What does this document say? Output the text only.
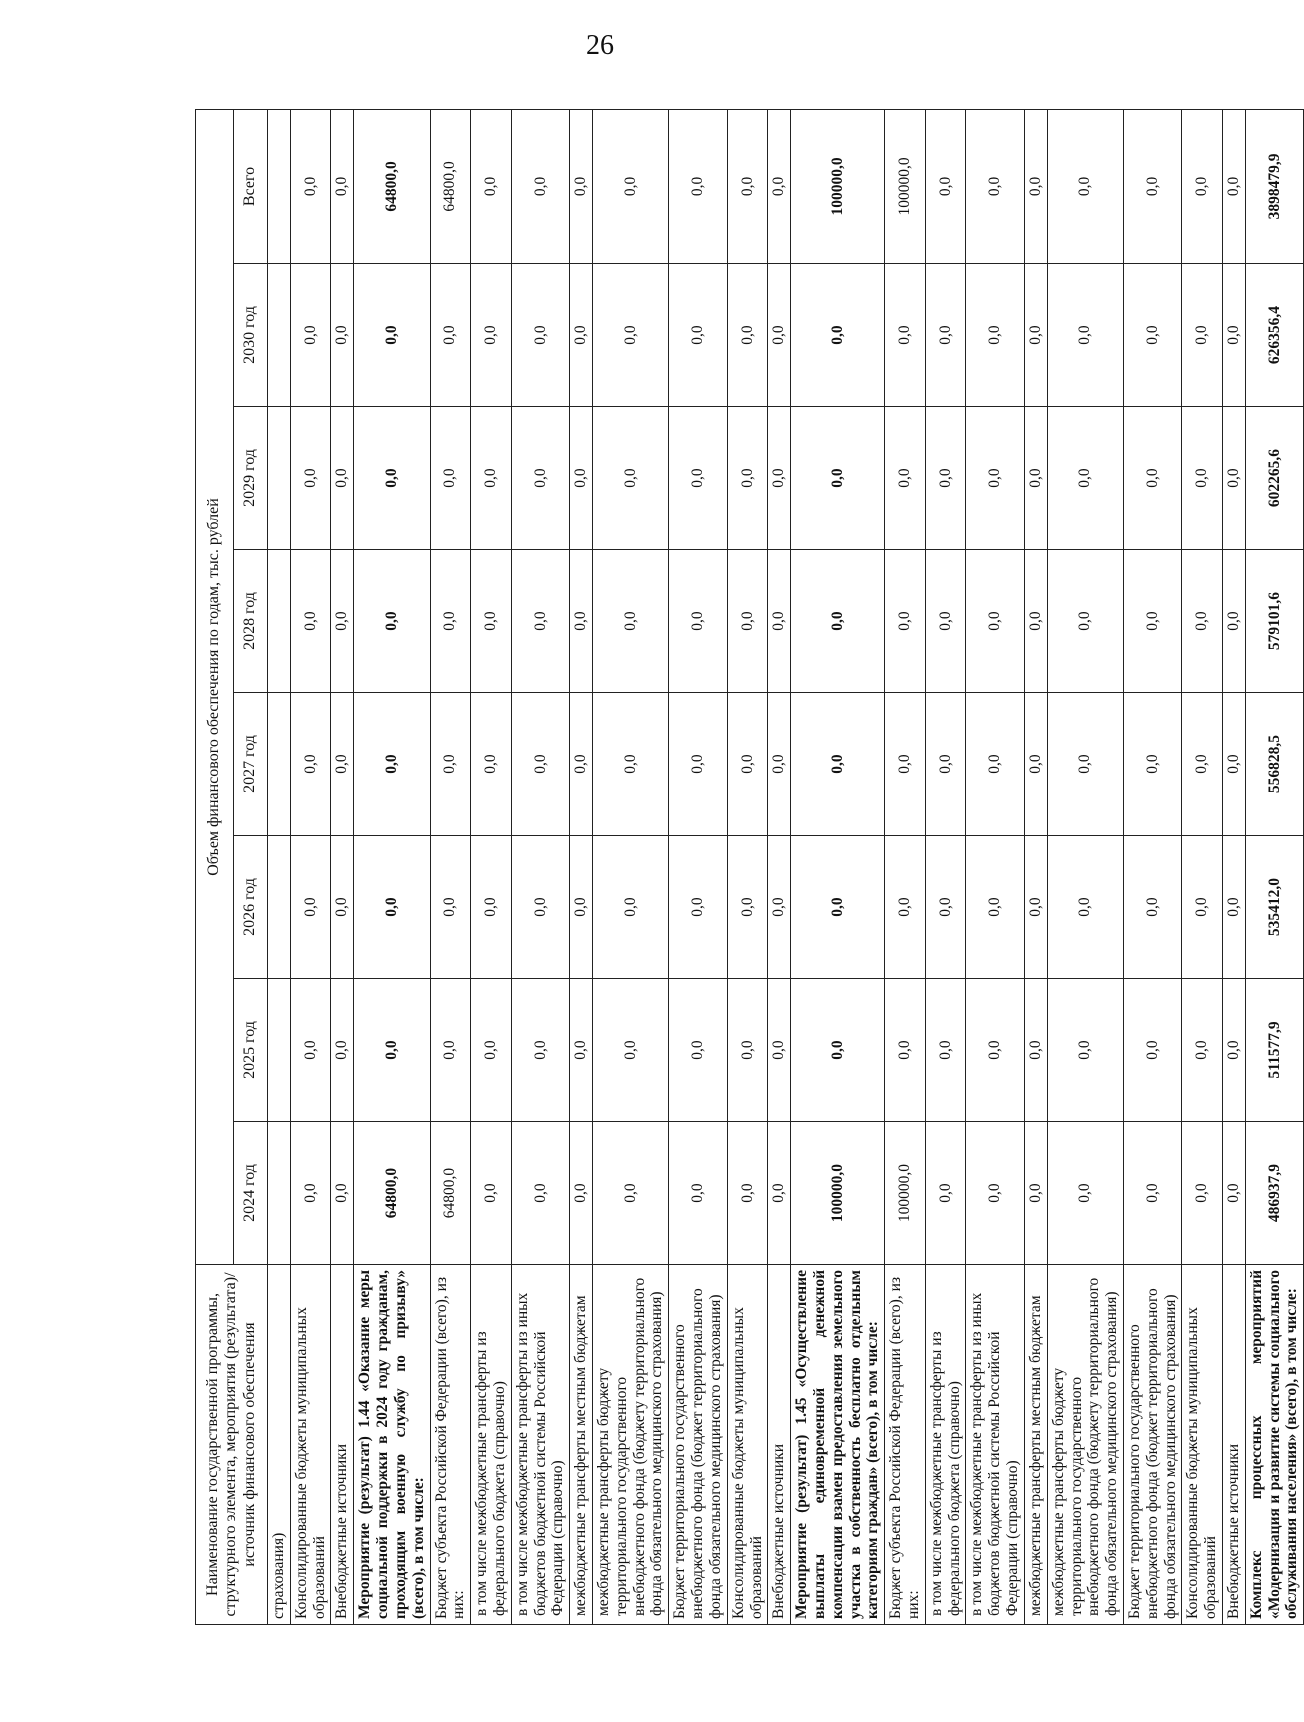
26
Наименование государственной программы, структурного элемента, мероприятия (результата)/источник финансового обеспечения	Объем финансового обеспечения по годам, тыс. рублей							
	2024 год	2025 год	2026 год	2027 год	2028 год	2029 год	2030 год	Всего
страхования)								
Консолидированные бюджеты муниципальных образований	0,0	0,0	0,0	0,0	0,0	0,0	0,0	0,0
Внебюджетные источники	0,0	0,0	0,0	0,0	0,0	0,0	0,0	0,0
Мероприятие (результат) 1.44 «Оказание меры социальной поддержки в 2024 году гражданам, проходящим военную службу по призыву» (всего), в том числе:	64800,0	0,0	0,0	0,0	0,0	0,0	0,0	64800,0
Бюджет субъекта Российской Федерации (всего), из них:	64800,0	0,0	0,0	0,0	0,0	0,0	0,0	64800,0
в том числе межбюджетные трансферты из федерального бюджета (справочно)	0,0	0,0	0,0	0,0	0,0	0,0	0,0	0,0
в том числе межбюджетные трансферты из иных бюджетов бюджетной системы Российской Федерации (справочно)	0,0	0,0	0,0	0,0	0,0	0,0	0,0	0,0
межбюджетные трансферты местным бюджетам	0,0	0,0	0,0	0,0	0,0	0,0	0,0	0,0
межбюджетные трансферты бюджету территориального государственного внебюджетного фонда (бюджету территориального фонда обязательного медицинского страхования)	0,0	0,0	0,0	0,0	0,0	0,0	0,0	0,0
Бюджет территориального государственного внебюджетного фонда (бюджет территориального фонда обязательного медицинского страхования)	0,0	0,0	0,0	0,0	0,0	0,0	0,0	0,0
Консолидированные бюджеты муниципальных образований	0,0	0,0	0,0	0,0	0,0	0,0	0,0	0,0
Внебюджетные источники	0,0	0,0	0,0	0,0	0,0	0,0	0,0	0,0
Мероприятие (результат) 1.45 «Осуществление выплаты единовременной денежной компенсации взамен предоставления земельного участка в собственность бесплатно отдельным категориям граждан» (всего), в том числе:	100000,0	0,0	0,0	0,0	0,0	0,0	0,0	100000,0
Бюджет субъекта Российской Федерации (всего), из них:	100000,0	0,0	0,0	0,0	0,0	0,0	0,0	100000,0
в том числе межбюджетные трансферты из федерального бюджета (справочно)	0,0	0,0	0,0	0,0	0,0	0,0	0,0	0,0
в том числе межбюджетные трансферты из иных бюджетов бюджетной системы Российской Федерации (справочно)	0,0	0,0	0,0	0,0	0,0	0,0	0,0	0,0
межбюджетные трансферты местным бюджетам	0,0	0,0	0,0	0,0	0,0	0,0	0,0	0,0
межбюджетные трансферты бюджету территориального государственного внебюджетного фонда (бюджету территориального фонда обязательного медицинского страхования)	0,0	0,0	0,0	0,0	0,0	0,0	0,0	0,0
Бюджет территориального государственного внебюджетного фонда (бюджет территориального фонда обязательного медицинского страхования)	0,0	0,0	0,0	0,0	0,0	0,0	0,0	0,0
Консолидированные бюджеты муниципальных образований	0,0	0,0	0,0	0,0	0,0	0,0	0,0	0,0
Внебюджетные источники	0,0	0,0	0,0	0,0	0,0	0,0	0,0	0,0
Комплекс процессных мероприятий «Модернизация и развитие системы социального обслуживания населения» (всего), в том числе:	486937,9	511577,9	535412,0	556828,5	579101,6	602265,6	626356,4	3898479,9
